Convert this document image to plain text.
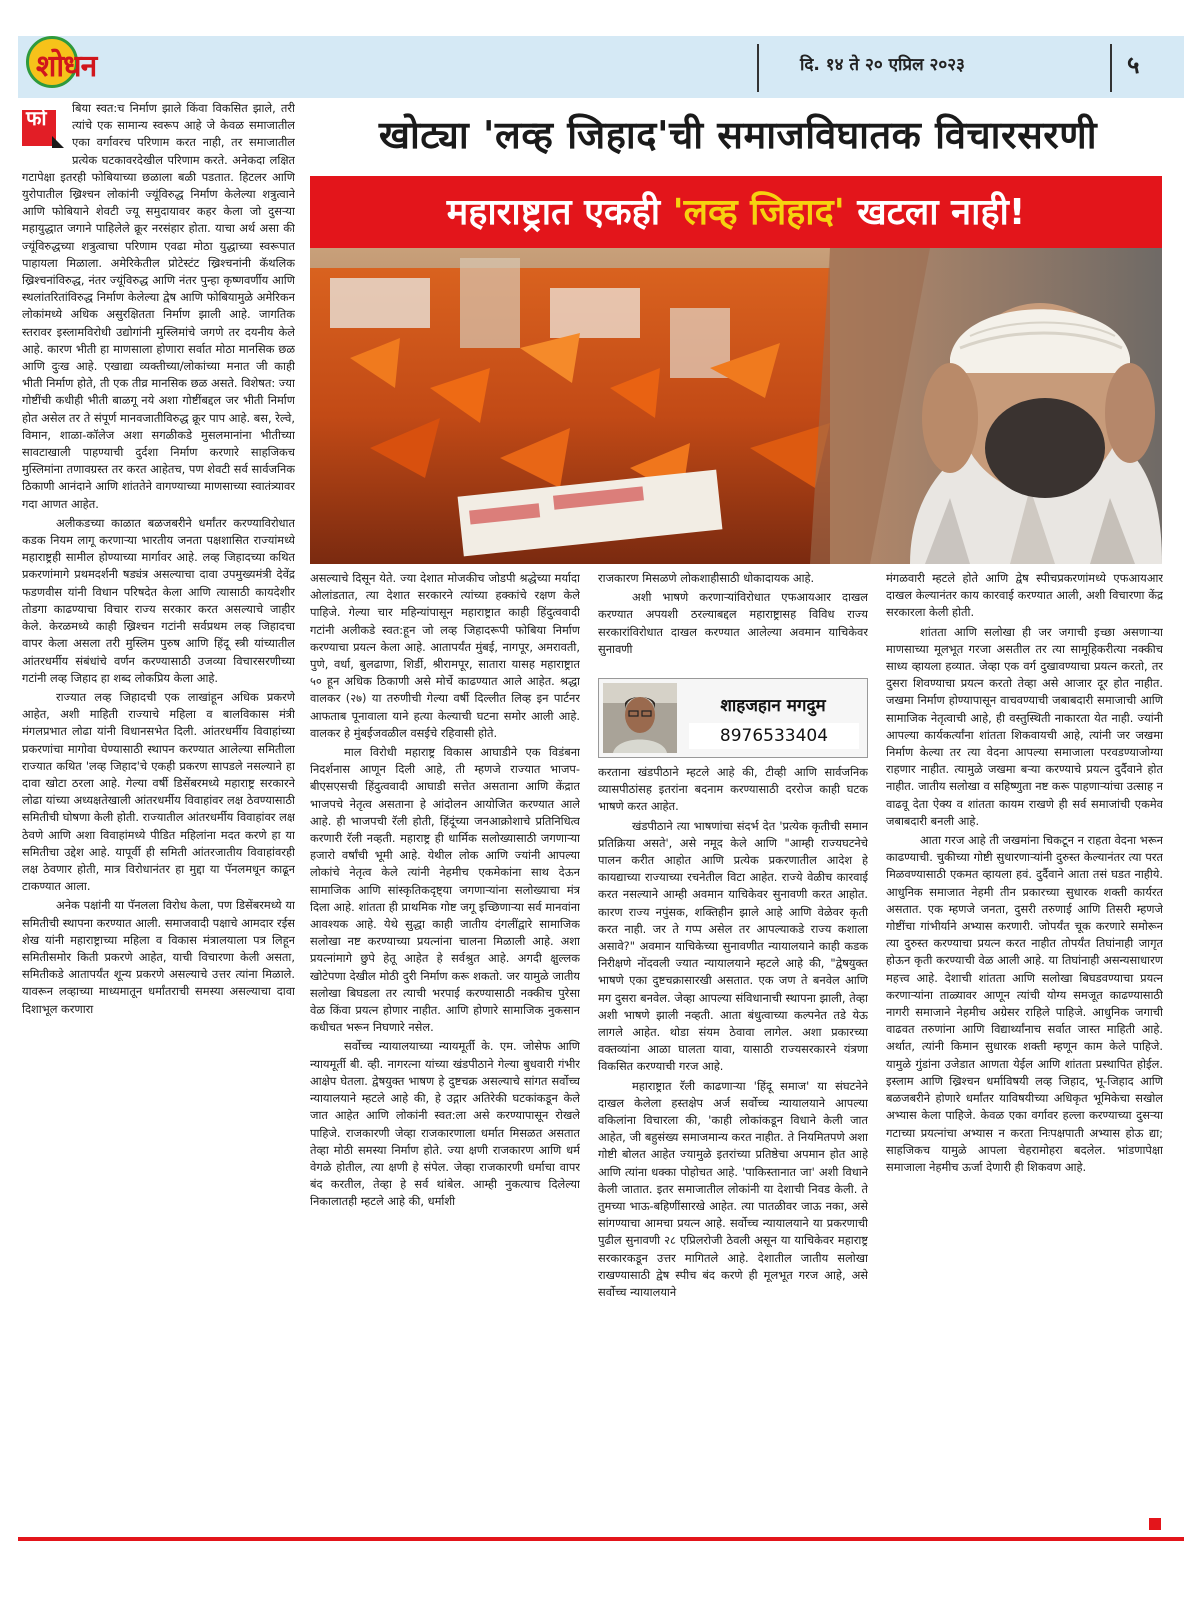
शोधन	दि. १४ ते २० एप्रिल २०२३	५
फो	बिया स्वत:च निर्माण झाले किंवा विकसित झाले, तरी त्यांचे एक सामान्य स्वरूप आहे जे केवळ समाजातील एका वर्गावरच परिणाम करत नाही, तर समाजातील प्रत्येक घटकावरदेखील परिणाम करते. अनेकदा लक्षित गटापेक्षा इतरही फोबियाच्या छळाला बळी पडतात. हिटलर आणि युरोपातील ख्रिश्चन लोकांनी ज्यूंविरुद्ध निर्माण केलेल्या शत्रुत्वाने आणि फोबियाने शेवटी ज्यू समुदायावर कहर केला जो दुसऱ्या महायुद्धात जगाने पाहिलेले क्रूर नरसंहार होता. याचा अर्थ असा की ज्यूंविरुद्धच्या शत्रुत्वाचा परिणाम एवढा मोठा युद्धाच्या स्वरूपात पाहायला मिळाला. अमेरिकेतील प्रोटेस्टंट ख्रिश्चनांनी कॅथलिक ख्रिश्चनांविरुद्ध, नंतर ज्यूंविरुद्ध आणि नंतर पुन्हा कृष्णवर्णीय आणि स्थलांतरितांविरुद्ध निर्माण केलेल्या द्वेष आणि फोबियामुळे अमेरिकन लोकांमध्ये अधिक असुरक्षितता निर्माण झाली आहे. जागतिक स्तरावर इस्लामविरोधी उद्योगांनी मुस्लिमांचे जगणे तर दयनीय केले आहे. कारण भीती हा माणसाला होणारा सर्वात मोठा मानसिक छळ आणि दुःख आहे. एखाद्या व्यक्तीच्या/लोकांच्या मनात जी काही भीती निर्माण होते, ती एक तीव्र मानसिक छळ असते. विशेषत: ज्या गोष्टींची कधीही भीती बाळगू नये अशा गोष्टींबद्दल जर भीती निर्माण होत असेल तर ते संपूर्ण मानवजातीविरुद्ध क्रूर पाप आहे. बस, रेल्वे, विमान, शाळा-कॉलेज अशा सगळीकडे मुसलमानांना भीतीच्या सावटाखाली पाहण्याची दुर्दशा निर्माण करणारे साहजिकच मुस्लिमांना तणावग्रस्त तर करत आहेतच, पण शेवटी सर्व सार्वजनिक ठिकाणी आनंदाने आणि शांततेने वागण्याच्या माणसाच्या स्वातंत्र्यावर गदा आणत आहेत.

अलीकडच्या काळात बळजबरीने धर्मांतर करण्याविरोधात कडक नियम लागू करणाऱ्या भारतीय जनता पक्षशासित राज्यांमध्ये महाराष्ट्रही सामील होण्याच्या मार्गावर आहे. लव्ह जिहादच्या कथित प्रकरणांमागे प्रथमदर्शनी षड्यंत्र असल्याचा दावा उपमुख्यमंत्री देवेंद्र फडणवीस यांनी विधान परिषदेत केला आणि त्यासाठी कायदेशीर तोडगा काढण्याचा विचार राज्य सरकार करत असल्याचे जाहीर केले. केरळमध्ये काही ख्रिश्चन गटांनी सर्वप्रथम लव्ह जिहादचा वापर केला असला तरी मुस्लिम पुरुष आणि हिंदू स्त्री यांच्यातील आंतरधर्मीय संबंधांचे वर्णन करण्यासाठी उजव्या विचारसरणीच्या गटांनी लव्ह जिहाद हा शब्द लोकप्रिय केला आहे.

राज्यात लव्ह जिहादची एक लाखांहून अधिक प्रकरणे आहेत, अशी माहिती राज्याचे महिला व बालविकास मंत्री मंगलप्रभात लोढा यांनी विधानसभेत दिली. आंतरधर्मीय विवाहांच्या प्रकरणांचा मागोवा घेण्यासाठी स्थापन करण्यात आलेल्या समितीला राज्यात कथित 'लव्ह जिहाद'चे एकही प्रकरण सापडले नसल्याने हा दावा खोटा ठरला आहे. गेल्या वर्षी डिसेंबरमध्ये महाराष्ट्र सरकारने लोढा यांच्या अध्यक्षतेखाली आंतरधर्मीय विवाहांवर लक्ष ठेवण्यासाठी समितीची घोषणा केली होती. राज्यातील आंतरधर्मीय विवाहांवर लक्ष ठेवणे आणि अशा विवाहांमध्ये पीडित महिलांना मदत करणे हा या समितीचा उद्देश आहे. यापूर्वी ही समिती आंतरजातीय विवाहांवरही लक्ष ठेवणार होती, मात्र विरोधानंतर हा मुद्दा या पॅनलमधून काढून टाकण्यात आला.

अनेक पक्षांनी या पॅनलला विरोध केला, पण डिसेंबरमध्ये या समितीची स्थापना करण्यात आली. समाजवादी पक्षाचे आमदार रईस शेख यांनी महाराष्ट्राच्या महिला व विकास मंत्रालयाला पत्र लिहून समितीसमोर किती प्रकरणे आहेत, याची विचारणा केली असता, समितीकडे आतापर्यंत शून्य प्रकरणे असल्याचे उत्तर त्यांना मिळाले. यावरून लव्हाच्या माध्यमातून धर्मांतराची समस्या असल्याचा दावा दिशाभूल करणारा

खोट्या 'लव्ह जिहाद'ची समाजविघातक विचारसरणी
महाराष्ट्रात एकही 'लव्ह जिहाद' खटला नाही!

असल्याचे दिसून येते. ज्या देशात मोजकीच जोडपी श्रद्धेच्या मर्यादा ओलांडतात, त्या देशात सरकारने त्यांच्या हक्कांचे रक्षण केले पाहिजे. गेल्या चार महिन्यांपासून महाराष्ट्रात काही हिंदुत्ववादी गटांनी अलीकडे स्वत:हून जो लव्ह जिहादरूपी फोबिया निर्माण करण्याचा प्रयत्न केला आहे. आतापर्यंत मुंबई, नागपूर, अमरावती, पुणे, वर्धा, बुलढाणा, शिर्डी, श्रीरामपूर, सातारा यासह महाराष्ट्रात ५० हून अधिक ठिकाणी असे मोर्चे काढण्यात आले आहेत. श्रद्धा वालकर (२७) या तरुणीची गेल्या वर्षी दिल्लीत लिव्ह इन पार्टनर आफताब पूनावाला याने हत्या केल्याची घटना समोर आली आहे. वालकर हे मुंबईजवळील वसईचे रहिवासी होते.

माल विरोधी महाराष्ट्र विकास आघाडीने एक विडंबना निदर्शनास आणून दिली आहे, ती म्हणजे राज्यात भाजप-बीएसएसची हिंदुत्ववादी आघाडी सत्तेत असताना आणि केंद्रात भाजपचे नेतृत्व असताना हे आंदोलन आयोजित करण्यात आले आहे. ही भाजपची रॅली होती, हिंदूंच्या जनआक्रोशाचे प्रतिनिधित्व करणारी रॅली नव्हती. महाराष्ट्र ही धार्मिक सलोख्यासाठी जगणाऱ्या हजारो वर्षांची भूमी आहे. येथील लोक आणि ज्यांनी आपल्या लोकांचे नेतृत्व केले त्यांनी नेहमीच एकमेकांना साथ देऊन सामाजिक आणि सांस्कृतिकदृष्ट्या जगणाऱ्यांना सलोख्याचा मंत्र दिला आहे. शांतता ही प्राथमिक गोष्ट जगू इच्छिणाऱ्या सर्व मानवांना आवश्यक आहे. येथे सुद्धा काही जातीय दंगलींद्वारे सामाजिक सलोखा नष्ट करण्याच्या प्रयत्नांना चालना मिळाली आहे. अशा प्रयत्नांमागे छुपे हेतू आहेत हे सर्वश्रुत आहे. अगदी क्षुल्लक खोटेपणा देखील मोठी दुरी निर्माण करू शकतो. जर यामुळे जातीय सलोखा बिघडला तर त्याची भरपाई करण्यासाठी नक्कीच पुरेसा वेळ किंवा प्रयत्न होणार नाहीत. आणि होणारे सामाजिक नुकसान कधीचत भरून निघणारे नसेल.

सर्वोच्च न्यायालयाच्या न्यायमूर्ती के. एम. जोसेफ आणि न्यायमूर्ती बी. व्ही. नागरत्ना यांच्या खंडपीठाने गेल्या बुधवारी गंभीर आक्षेप घेतला. द्वेषयुक्त भाषण हे दुष्टचक्र असल्याचे सांगत सर्वोच्च न्यायालयाने म्हटले आहे की, हे उद्गार अतिरेकी घटकांकडून केले जात आहेत आणि लोकांनी स्वत:ला असे करण्यापासून रोखले पाहिजे. राजकारणी जेव्हा राजकारणाला धर्मात मिसळत असतात तेव्हा मोठी समस्या निर्माण होते. ज्या क्षणी राजकारण आणि धर्म वेगळे होतील, त्या क्षणी हे संपेल. जेव्हा राजकारणी धर्माचा वापर बंद करतील, तेव्हा हे सर्व थांबेल. आम्ही नुकत्याच दिलेल्या निकालातही म्हटले आहे की, धर्माशी

राजकारण मिसळणे लोकशाहीसाठी धोकादायक आहे.

अशी भाषणे करणाऱ्यांविरोधात एफआयआर दाखल करण्यात अपयशी ठरल्याबद्दल महाराष्ट्रासह विविध राज्य सरकारांविरोधात दाखल करण्यात आलेल्या अवमान याचिकेवर सुनावणी

शाहजहान मगदुम
8976533404

करताना खंडपीठाने म्हटले आहे की, टीव्ही आणि सार्वजनिक व्यासपीठांसह इतरांना बदनाम करण्यासाठी दररोज काही घटक भाषणे करत आहेत.

खंडपीठाने त्या भाषणांचा संदर्भ देत 'प्रत्येक कृतीची समान प्रतिक्रिया असते', असे नमूद केले आणि "आम्ही राज्यघटनेचे पालन करीत आहोत आणि प्रत्येक प्रकरणातील आदेश हे कायद्याच्या राज्याच्या रचनेतील विटा आहेत. राज्ये वेळीच कारवाई करत नसल्याने आम्ही अवमान याचिकेवर सुनावणी करत आहोत. कारण राज्य नपुंसक, शक्तिहीन झाले आहे आणि वेळेवर कृती करत नाही. जर ते गप्प असेल तर आपल्याकडे राज्य कशाला असावे?" अवमान याचिकेच्या सुनावणीत न्यायालयाने काही कडक निरीक्षणे नोंदवली ज्यात न्यायालयाने म्हटले आहे की, "द्वेषयुक्त भाषणे एका दुष्टचक्रासारखी असतात. एक जण ते बनवेल आणि मग दुसरा बनवेल. जेव्हा आपल्या संविधानाची स्थापना झाली, तेव्हा अशी भाषणे झाली नव्हती. आता बंधुत्वाच्या कल्पनेत तडे येऊ लागले आहेत. थोडा संयम ठेवावा लागेल. अशा प्रकारच्या वक्तव्यांना आळा घालता यावा, यासाठी राज्यसरकारने यंत्रणा विकसित करण्याची गरज आहे.

महाराष्ट्रात रॅली काढणाऱ्या 'हिंदू समाज' या संघटनेने दाखल केलेला हस्तक्षेप अर्ज सर्वोच्च न्यायालयाने आपल्या वकिलांना विचारला की, 'काही लोकांकडून विधाने केली जात आहेत, जी बहुसंख्य समाजमान्य करत नाहीत. ते नियमितपणे अशा गोष्टी बोलत आहेत ज्यामुळे इतरांच्या प्रतिष्ठेचा अपमान होत आहे आणि त्यांना धक्का पोहोचत आहे. 'पाकिस्तानात जा' अशी विधाने केली जातात. इतर समाजातील लोकांनी या देशाची निवड केली. ते तुमच्या भाऊ-बहिणींसारखे आहेत. त्या पातळीवर जाऊ नका, असे सांगण्याचा आमचा प्रयत्न आहे. सर्वोच्च न्यायालयाने या प्रकरणाची पुढील सुनावणी २८ एप्रिलरोजी ठेवली असून या याचिकेवर महाराष्ट्र सरकारकडून उत्तर मागितले आहे. देशातील जातीय सलोखा राखण्यासाठी द्वेष स्पीच बंद करणे ही मूलभूत गरज आहे, असे सर्वोच्च न्यायालयाने

मंगळवारी म्हटले होते आणि द्वेष स्पीचप्रकरणांमध्ये एफआयआर दाखल केल्यानंतर काय कारवाई करण्यात आली, अशी विचारणा केंद्र सरकारला केली होती.

शांतता आणि सलोखा ही जर जगाची इच्छा असणाऱ्या माणसाच्या मूलभूत गरजा असतील तर त्या सामूहिकरीत्या नक्कीच साध्य व्हायला हव्यात. जेव्हा एक वर्ग दुखावण्याचा प्रयत्न करतो, तर दुसरा शिवण्याचा प्रयत्न करतो तेव्हा असे आजार दूर होत नाहीत. जखमा निर्माण होण्यापासून वाचवण्याची जबाबदारी समाजाची आणि सामाजिक नेतृत्वाची आहे, ही वस्तुस्थिती नाकारता येत नाही. ज्यांनी आपल्या कार्यकर्त्यांना शांतता शिकवायची आहे, त्यांनी जर जखमा निर्माण केल्या तर त्या वेदना आपल्या समाजाला परवडण्याजोग्या राहणार नाहीत. त्यामुळे जखमा बऱ्या करण्याचे प्रयत्न दुर्दैवाने होत नाहीत. जातीय सलोखा व सहिष्णुता नष्ट करू पाहणाऱ्यांचा उत्साह न वाढवू देता ऐक्य व शांतता कायम राखणे ही सर्व समाजांची एकमेव जबाबदारी बनली आहे.

आता गरज आहे ती जखमांना चिकटून न राहता वेदना भरून काढण्याची. चुकीच्या गोष्टी सुधारणाऱ्यांनी दुरुस्त केल्यानंतर त्या परत मिळवण्यासाठी एकमत व्हायला हवं. दुर्दैवाने आता तसं घडत नाहीये. आधुनिक समाजात नेहमी तीन प्रकारच्या सुधारक शक्ती कार्यरत असतात. एक म्हणजे जनता, दुसरी तरुणाई आणि तिसरी म्हणजे गोष्टींचा गांभीर्याने अभ्यास करणारी. जोपर्यंत चूक करणारे समोरून त्या दुरुस्त करण्याचा प्रयत्न करत नाहीत तोपर्यंत तिघांनाही जागृत होऊन कृती करण्याची वेळ आली आहे. या तिघांनाही असन्यसाधारण महत्त्व आहे. देशाची शांतता आणि सलोखा बिघडवण्याचा प्रयत्न करणाऱ्यांना ताळ्यावर आणून त्यांची योग्य समजूत काढण्यासाठी नागरी समाजाने नेहमीच अग्रेसर राहिले पाहिजे. आधुनिक जगाची वाढवत तरुणांना आणि विद्यार्थ्यांनाच सर्वात जास्त माहिती आहे. अर्थात, त्यांनी किमान सुधारक शक्ती म्हणून काम केले पाहिजे. यामुळे गुंडांना उजेडात आणता येईल आणि शांतता प्रस्थापित होईल. इस्लाम आणि ख्रिश्चन धर्माविषयी लव्ह जिहाद, भू-जिहाद आणि बळजबरीने होणारे धर्मांतर याविषयीच्या अधिकृत भूमिकेचा सखोल अभ्यास केला पाहिजे. केवळ एका वर्गावर हल्ला करण्याच्या दुसऱ्या गटाच्या प्रयत्नांचा अभ्यास न करता निःपक्षपाती अभ्यास होऊ द्या; साहजिकच यामुळे आपला चेहरामोहरा बदलेल. भांडणापेक्षा समाजाला नेहमीच ऊर्जा देणारी ही शिकवण आहे.
